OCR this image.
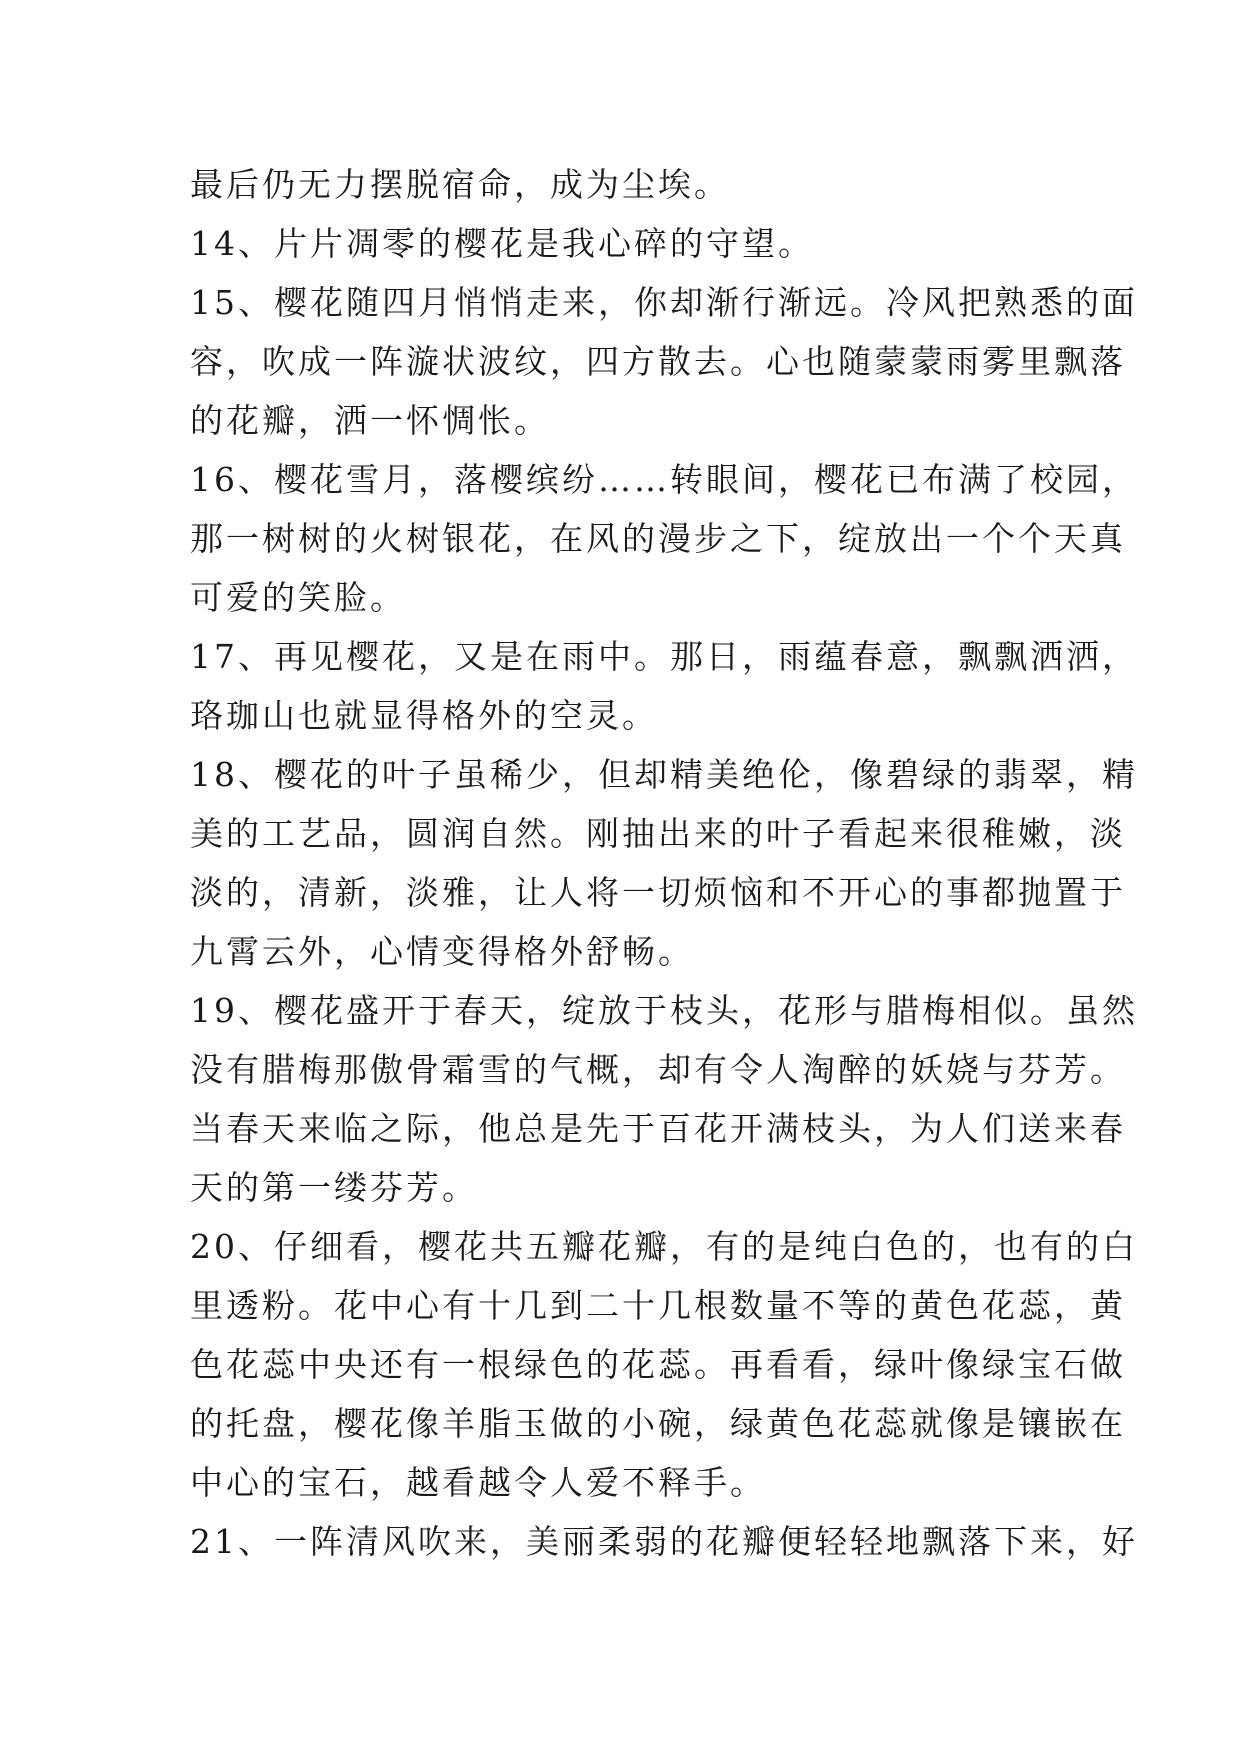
最后仍无力摆脱宿命，成为尘埃。
14、片片凋零的樱花是我心碎的守望。
15、樱花随四月悄悄走来，你却渐行渐远。冷风把熟悉的面
容，吹成一阵漩状波纹，四方散去。心也随蒙蒙雨雾里飘落
的花瓣，洒一怀惆怅。
16、樱花雪月，落樱缤纷……转眼间，樱花已布满了校园，
那一树树的火树银花，在风的漫步之下，绽放出一个个天真
可爱的笑脸。
17、再见樱花，又是在雨中。那日，雨蕴春意，飘飘洒洒，
珞珈山也就显得格外的空灵。
18、樱花的叶子虽稀少，但却精美绝伦，像碧绿的翡翠，精
美的工艺品，圆润自然。刚抽出来的叶子看起来很稚嫩，淡
淡的，清新，淡雅，让人将一切烦恼和不开心的事都抛置于
九霄云外，心情变得格外舒畅。
19、樱花盛开于春天，绽放于枝头，花形与腊梅相似。虽然
没有腊梅那傲骨霜雪的气概，却有令人淘醉的妖娆与芬芳。
当春天来临之际，他总是先于百花开满枝头，为人们送来春
天的第一缕芬芳。
20、仔细看，樱花共五瓣花瓣，有的是纯白色的，也有的白
里透粉。花中心有十几到二十几根数量不等的黄色花蕊，黄
色花蕊中央还有一根绿色的花蕊。再看看，绿叶像绿宝石做
的托盘，樱花像羊脂玉做的小碗，绿黄色花蕊就像是镶嵌在
中心的宝石，越看越令人爱不释手。
21、一阵清风吹来，美丽柔弱的花瓣便轻轻地飘落下来，好
